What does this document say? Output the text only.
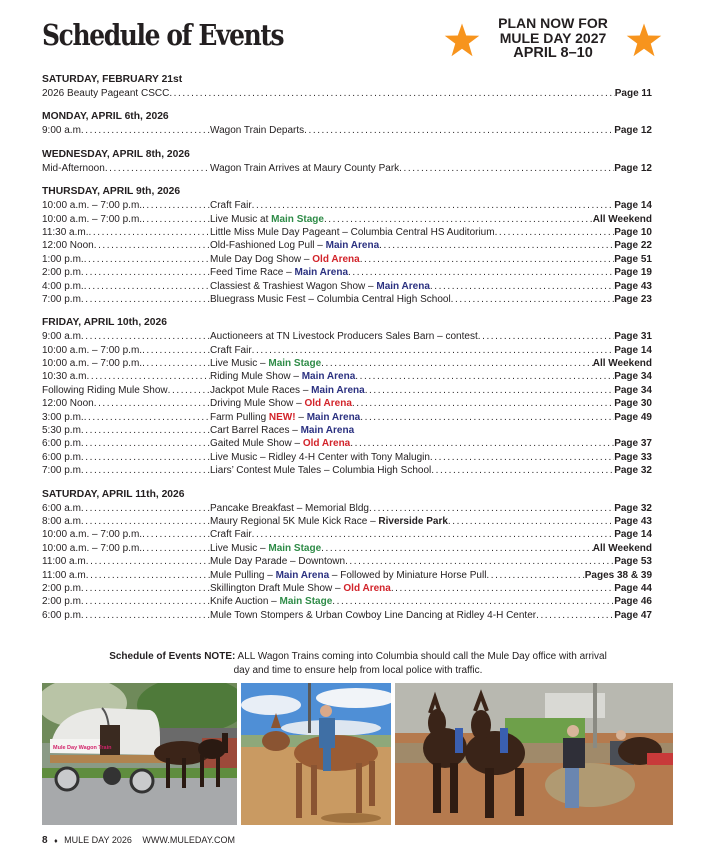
Schedule of Events	PLAN NOW FOR
MULE DAY 2027
APRIL 8–10
SATURDAY, FEBRUARY 21st
2026 Beauty Pageant CSCC . . .	Page 11
MONDAY, APRIL 6th, 2026
9:00 a.m . . .	Wagon Train Departs . . .	Page 12
WEDNESDAY, APRIL 8th, 2026
Mid-Afternoon . . .	Wagon Train Arrives at Maury County Park . . .	Page 12
THURSDAY, APRIL 9th, 2026
10:00 a.m. – 7:00 p.m. . . .	Craft Fair . . .	Page 14
10:00 a.m. – 7:00 p.m. . . .	Live Music at Main Stage . . .	All Weekend
11:30 a.m. . . .	Little Miss Mule Day Pageant – Columbia Central HS Auditorium . . .	Page 10
12:00 Noon . . .	Old-Fashioned Log Pull – Main Arena . . .	Page 22
1:00 p.m. . . .	Mule Day Dog Show – Old Arena . . .	Page 51
2:00 p.m . . .	Feed Time Race – Main Arena . . .	Page 19
4:00 p.m. . . .	Classiest & Trashiest Wagon Show – Main Arena . . .	Page 43
7:00 p.m . . .	Bluegrass Music Fest – Columbia Central High School . . .	Page 23
FRIDAY, APRIL 10th, 2026
9:00 a.m . . .	Auctioneers at TN Livestock Producers Sales Barn – contest . . .	Page 31
10:00 a.m. – 7:00 p.m. . . .	Craft Fair . . .	Page 14
10:00 a.m. – 7:00 p.m. . . .	Live Music – Main Stage . . .	All Weekend
10:30 a.m . . .	Riding Mule Show – Main Arena . . .	Page 34
Following Riding Mule Show . . .	Jackpot Mule Races – Main Arena . . .	Page 34
12:00 Noon . . .	Driving Mule Show – Old Arena . . .	Page 30
3:00 p.m. . . .	Farm Pulling NEW! – Main Arena . . .	Page 49
5:30 p.m . . .	Cart Barrel Races – Main Arena
6:00 p.m . . .	Gaited Mule Show – Old Arena . . .	Page 37
6:00 p.m . . .	Live Music – Ridley 4-H Center with Tony Malugin . . .	Page 33
7:00 p.m . . .	Liars’ Contest Mule Tales – Columbia High School . . .	Page 32
SATURDAY, APRIL 11th, 2026
6:00 a.m . . .	Pancake Breakfast – Memorial Bldg . . .	Page 32
8:00 a.m . . .	Maury Regional 5K Mule Kick Race – Riverside Park . . .	Page 43
10:00 a.m. – 7:00 p.m. . . .	Craft Fair . . .	Page 14
10:00 a.m. – 7:00 p.m. . . .	Live Music – Main Stage . . .	All Weekend
11:00 a.m . . .	Mule Day Parade – Downtown . . .	Page 53
11:00 a.m . . .	Mule Pulling – Main Arena – Followed by Miniature Horse Pull . . .	Pages 38 & 39
2:00 p.m . . .	Skillington Draft Mule Show – Old Arena . . .	Page 44
2:00 p.m . . .	Knife Auction – Main Stage . . .	Page 46
6:00 p.m . . .	Mule Town Stompers & Urban Cowboy Line Dancing at Ridley 4-H Center . . .	Page 47
Schedule of Events NOTE: ALL Wagon Trains coming into Columbia should call the Mule Day office with arrival day and time to ensure help from local police with traffic.
Mule Day Wagon Train
8 ♦ MULE DAY 2026 WWW.MULEDAY.COM
